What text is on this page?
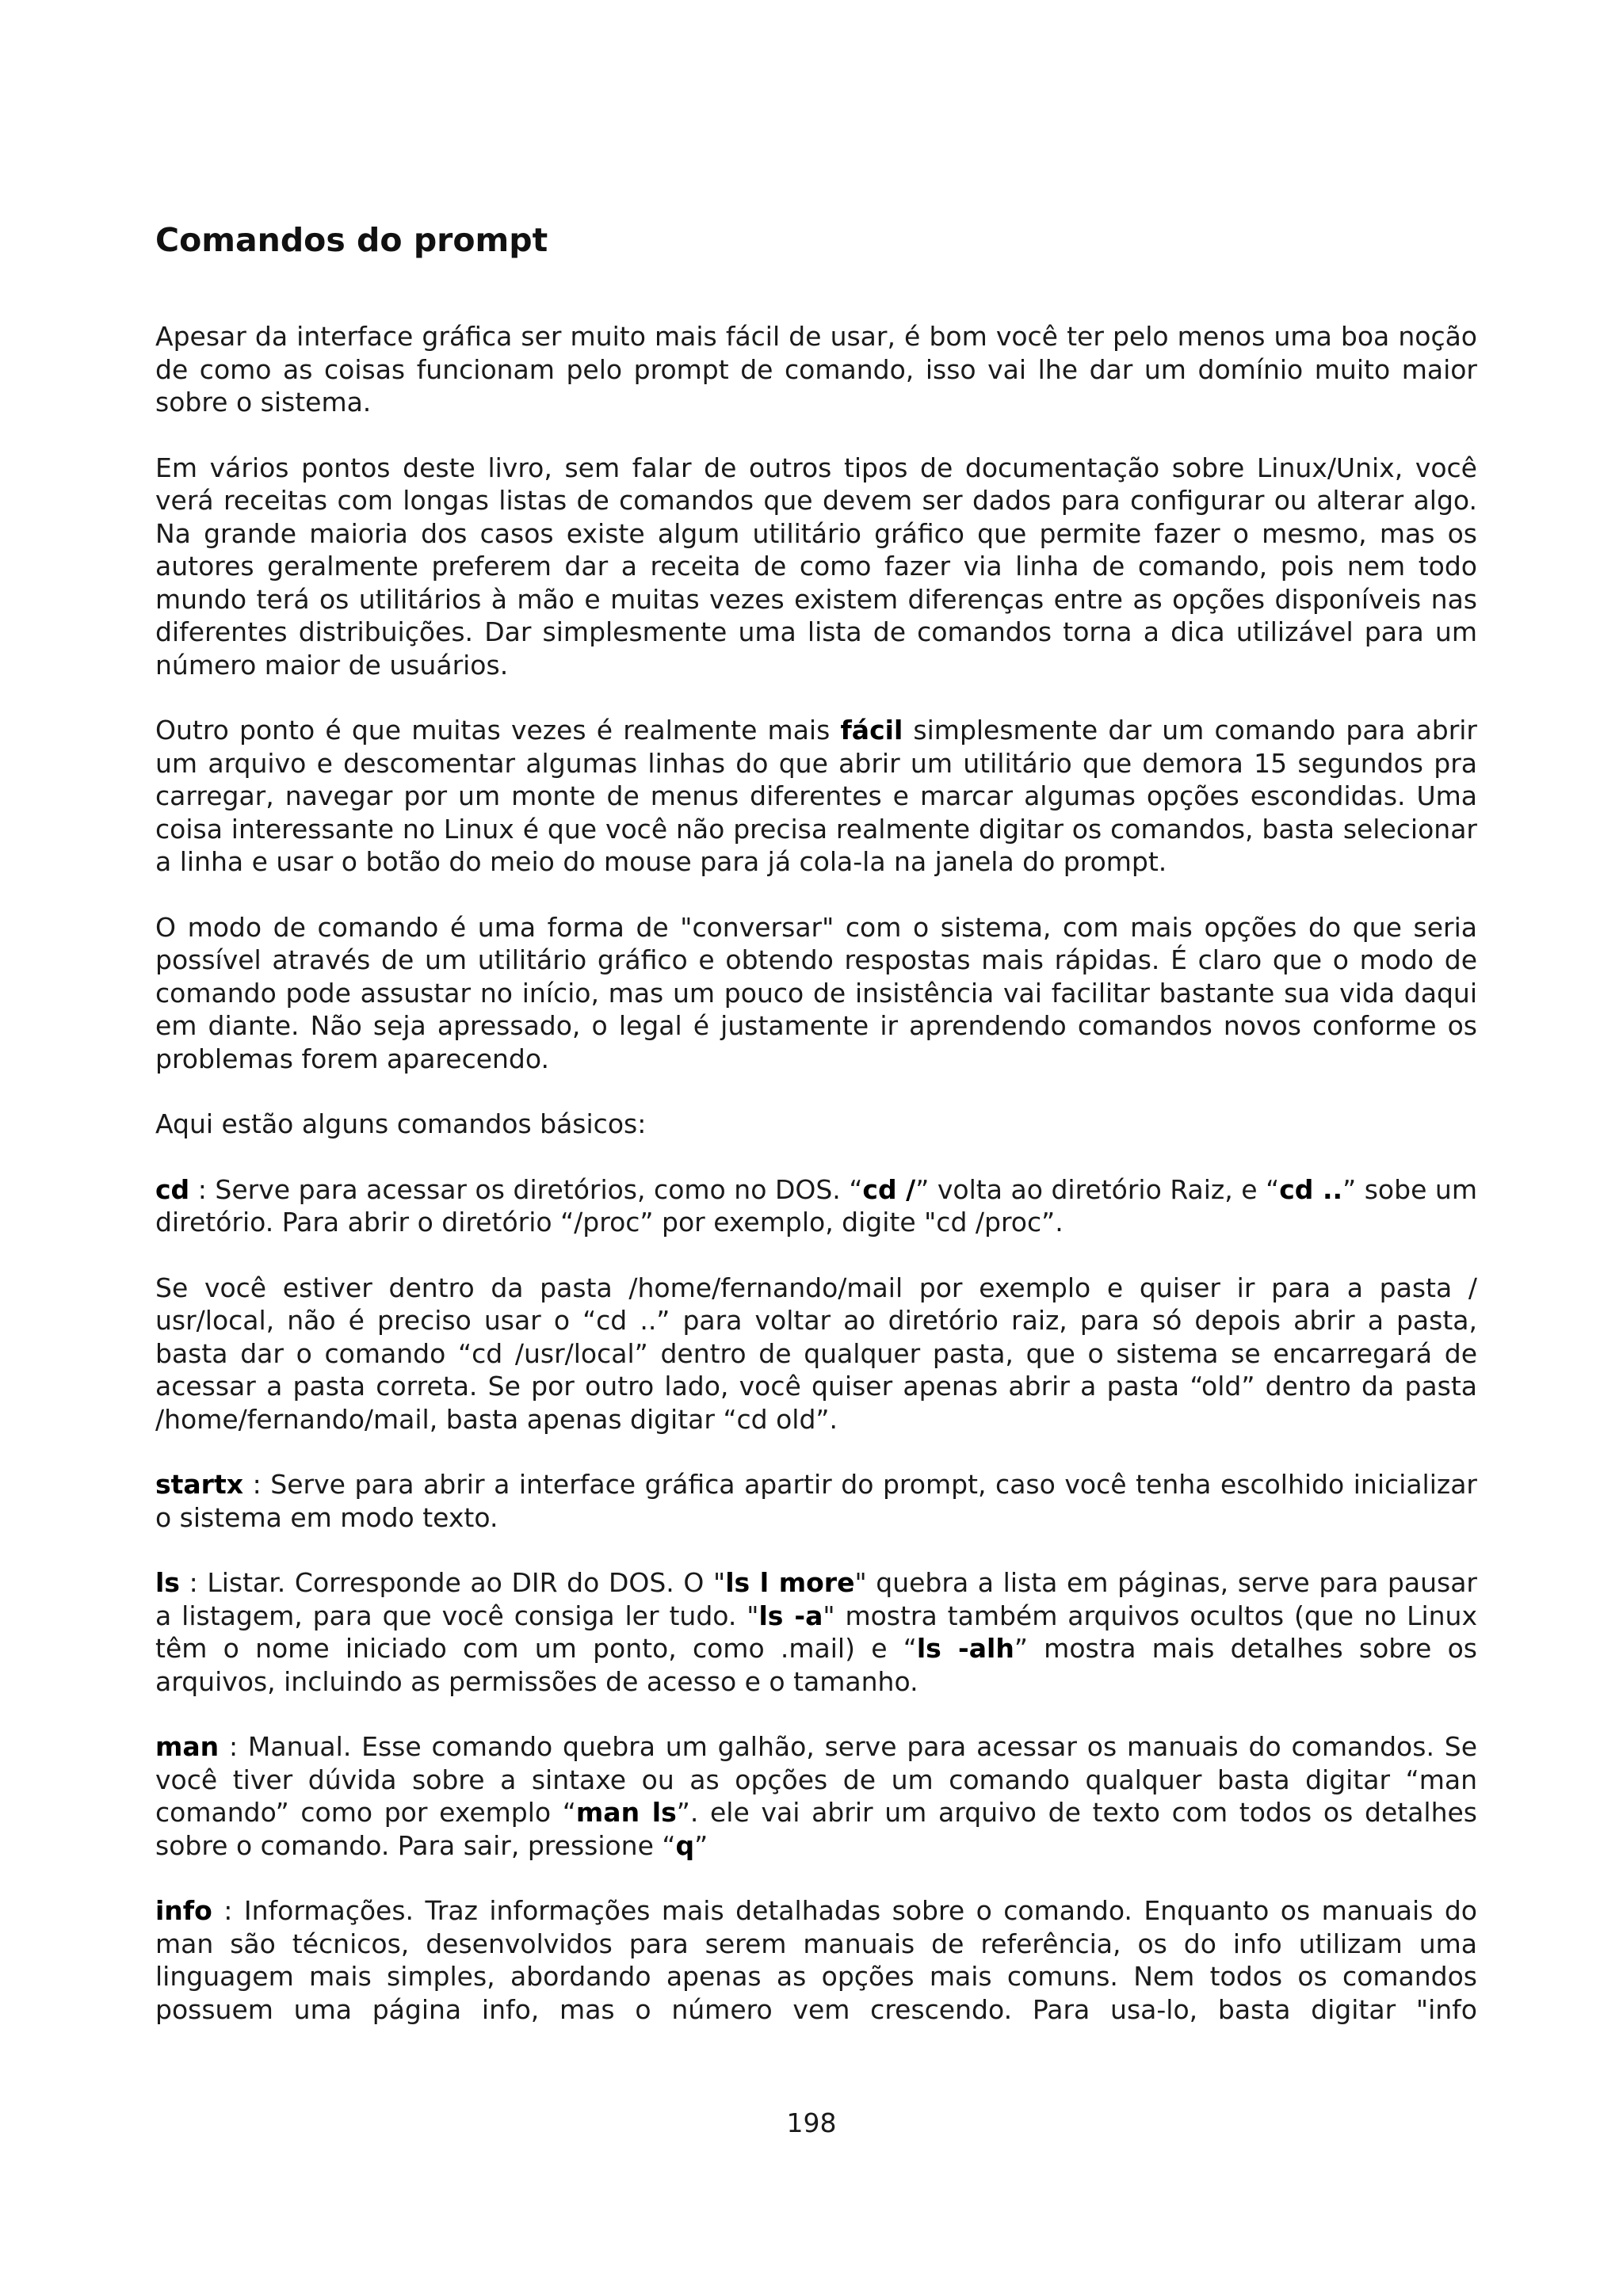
Comandos do prompt

Apesar da interface gráfica ser muito mais fácil de usar, é bom você ter pelo menos uma boa noção de como as coisas funcionam pelo prompt de comando, isso vai lhe dar um domínio muito maior sobre o sistema.

Em vários pontos deste livro, sem falar de outros tipos de documentação sobre Linux/Unix, você verá receitas com longas listas de comandos que devem ser dados para configurar ou alterar algo. Na grande maioria dos casos existe algum utilitário gráfico que permite fazer o mesmo, mas os autores geralmente preferem dar a receita de como fazer via linha de comando, pois nem todo mundo terá os utilitários à mão e muitas vezes existem diferenças entre as opções disponíveis nas diferentes distribuições. Dar simplesmente uma lista de comandos torna a dica utilizável para um número maior de usuários.

Outro ponto é que muitas vezes é realmente mais fácil simplesmente dar um comando para abrir um arquivo e descomentar algumas linhas do que abrir um utilitário que demora 15 segundos pra carregar, navegar por um monte de menus diferentes e marcar algumas opções escondidas. Uma coisa interessante no Linux é que você não precisa realmente digitar os comandos, basta selecionar a linha e usar o botão do meio do mouse para já cola-la na janela do prompt.

O modo de comando é uma forma de "conversar" com o sistema, com mais opções do que seria possível através de um utilitário gráfico e obtendo respostas mais rápidas. É claro que o modo de comando pode assustar no início, mas um pouco de insistência vai facilitar bastante sua vida daqui em diante. Não seja apressado, o legal é justamente ir aprendendo comandos novos conforme os problemas forem aparecendo.

Aqui estão alguns comandos básicos:

cd : Serve para acessar os diretórios, como no DOS. “cd /” volta ao diretório Raiz, e “cd ..” sobe um diretório. Para abrir o diretório “/proc” por exemplo, digite "cd /proc”.

Se você estiver dentro da pasta /home/fernando/mail por exemplo e quiser ir para a pasta / usr/local, não é preciso usar o “cd ..” para voltar ao diretório raiz, para só depois abrir a pasta, basta dar o comando “cd /usr/local” dentro de qualquer pasta, que o sistema se encarregará de acessar a pasta correta. Se por outro lado, você quiser apenas abrir a pasta “old” dentro da pasta /home/fernando/mail, basta apenas digitar “cd old”.

startx : Serve para abrir a interface gráfica apartir do prompt, caso você tenha escolhido inicializar o sistema em modo texto.

ls : Listar. Corresponde ao DIR do DOS. O "ls l more" quebra a lista em páginas, serve para pausar a listagem, para que você consiga ler tudo. "ls -a" mostra também arquivos ocultos (que no Linux têm o nome iniciado com um ponto, como .mail) e “ls -alh” mostra mais detalhes sobre os arquivos, incluindo as permissões de acesso e o tamanho.

man : Manual. Esse comando quebra um galhão, serve para acessar os manuais do comandos. Se você tiver dúvida sobre a sintaxe ou as opções de um comando qualquer basta digitar “man comando” como por exemplo “man ls”. ele vai abrir um arquivo de texto com todos os detalhes sobre o comando. Para sair, pressione “q”

info : Informações. Traz informações mais detalhadas sobre o comando. Enquanto os manuais do man são técnicos, desenvolvidos para serem manuais de referência, os do info utilizam uma linguagem mais simples, abordando apenas as opções mais comuns. Nem todos os comandos possuem uma página info, mas o número vem crescendo. Para usa-lo, basta digitar "info

198
